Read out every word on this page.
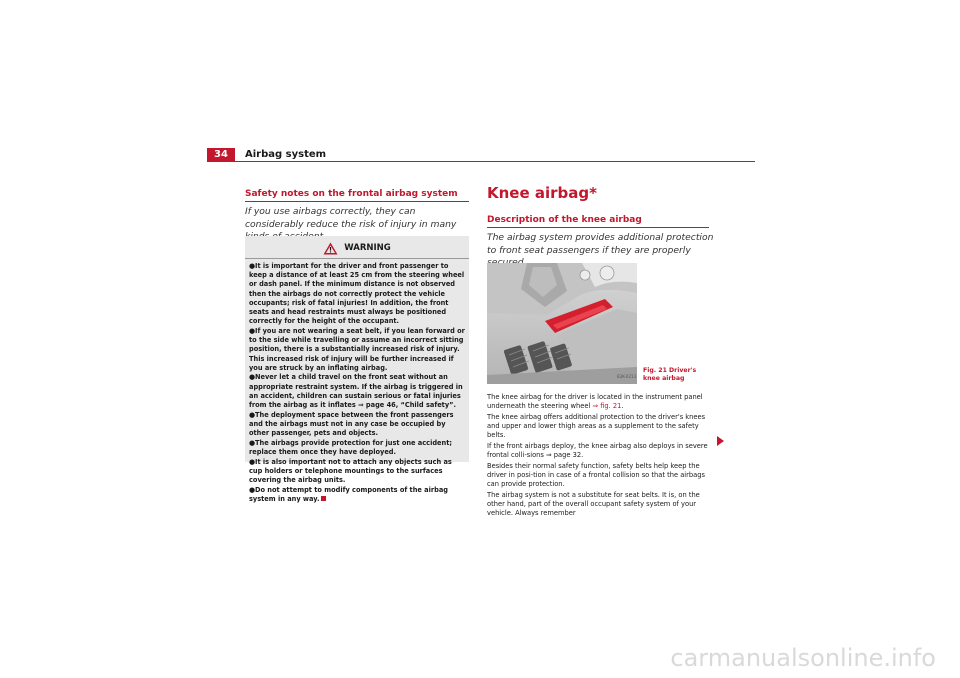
34	Airbag system
Safety notes on the frontal airbag system
If you use airbags correctly, they can considerably reduce the risk of injury in many
WARNING
●It is important for the driver and front passenger to keep a distance of at least 25 cm from the steering wheel or dash panel. If the minimum distance is not observed then the airbags do not correctly protect the vehicle occupants; risk of fatal injuries! In addition, the front seats and head restraints must always be positioned correctly for the height of the occupant.
●If you are not wearing a seat belt, if you lean forward or to the side while travelling or assume an incorrect sitting position, there is a substantially increased risk of injury. This increased risk of injury will be further increased if you are struck by an inflating airbag.
●Never let a child travel on the front seat without an appropriate restraint system. If the airbag is triggered in an accident, children can sustain serious or fatal injuries from the airbag as it inflates ⇒ page 46, “Child safety”.
●The deployment space between the front passengers and the airbags must not in any case be occupied by other passenger, pets and objects.
●The airbags provide protection for just one accident; replace them once they have deployed.
●It is also important not to attach any objects such as cup holders or telephone mountings to the surfaces covering the airbag units.
●Do not attempt to modify components of the airbag system in any way.
Knee airbag*
Description of the knee airbag
The airbag system provides additional protection to front seat passengers if they are properly
B3K-0213
Fig. 21 Driver's knee airbag

The knee airbag for the driver is located in the instrument panel underneath the steering wheel ⇒ fig. 21.

The knee airbag offers additional protection to the driver's knees and upper and lower thigh areas as a supplement to the safety belts.

If the front airbags deploy, the knee airbag also deploys in severe frontal colli-sions ⇒ page 32.

Besides their normal safety function, safety belts help keep the driver in posi-tion in case of a frontal collision so that the airbags can provide protection.

The airbag system is not a substitute for seat belts. It is, on the other hand, part of the overall occupant safety system of your vehicle. Always remember

carmanualsonline.info
